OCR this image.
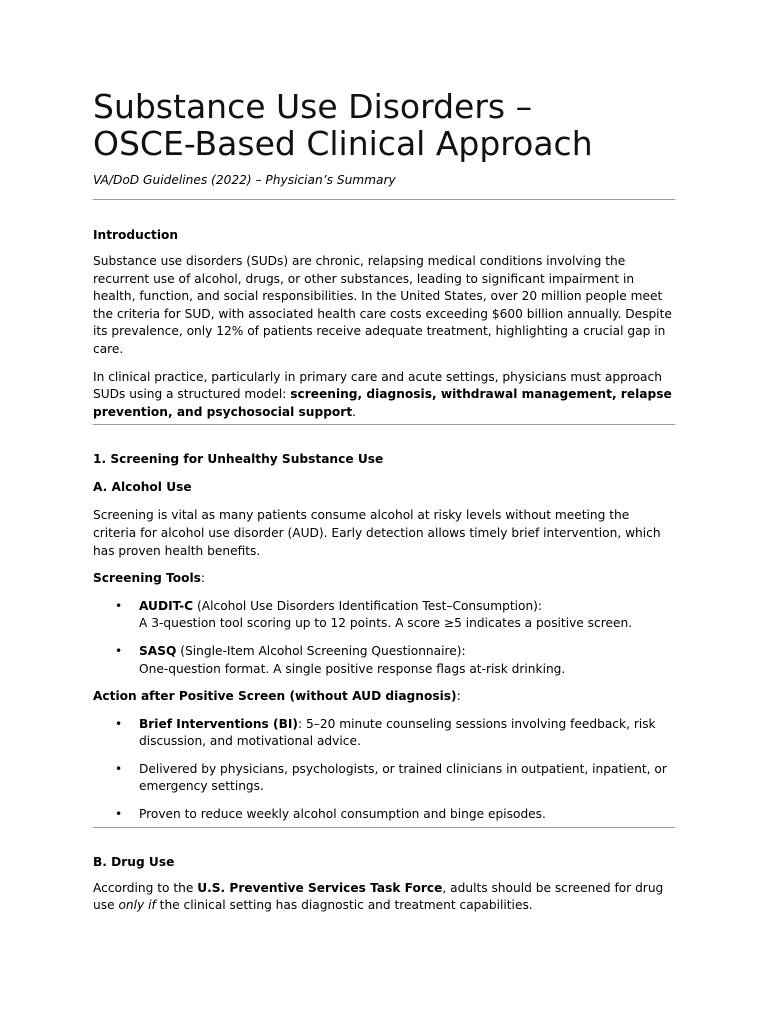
Substance Use Disorders –
OSCE-Based Clinical Approach
VA/DoD Guidelines (2022) – Physician’s Summary
Introduction

Substance use disorders (SUDs) are chronic, relapsing medical conditions involving the recurrent use of alcohol, drugs, or other substances, leading to significant impairment in health, function, and social responsibilities. In the United States, over 20 million people meet the criteria for SUD, with associated health care costs exceeding $600 billion annually. Despite its prevalence, only 12% of patients receive adequate treatment, highlighting a crucial gap in care.

In clinical practice, particularly in primary care and acute settings, physicians must approach SUDs using a structured model: screening, diagnosis, withdrawal management, relapse prevention, and psychosocial support.

1. Screening for Unhealthy Substance Use
A. Alcohol Use

Screening is vital as many patients consume alcohol at risky levels without meeting the criteria for alcohol use disorder (AUD). Early detection allows timely brief intervention, which has proven health benefits.

Screening Tools:
• AUDIT-C (Alcohol Use Disorders Identification Test–Consumption):
A 3-question tool scoring up to 12 points. A score ≥5 indicates a positive screen.
• SASQ (Single-Item Alcohol Screening Questionnaire):
One-question format. A single positive response flags at-risk drinking.
Action after Positive Screen (without AUD diagnosis):
• Brief Interventions (BI): 5–20 minute counseling sessions involving feedback, risk discussion, and motivational advice.
• Delivered by physicians, psychologists, or trained clinicians in outpatient, inpatient, or emergency settings.
• Proven to reduce weekly alcohol consumption and binge episodes.
B. Drug Use

According to the U.S. Preventive Services Task Force, adults should be screened for drug use only if the clinical setting has diagnostic and treatment capabilities.
